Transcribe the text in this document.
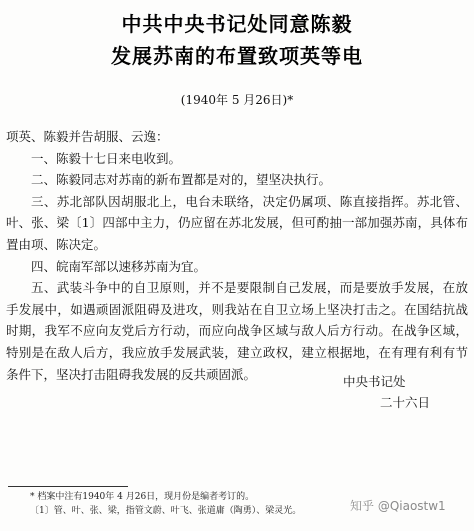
中共中央书记处同意陈毅
发展苏南的布置致项英等电
(1940年 5 月26日)*

项英、陈毅并告胡服、云逸：

一、陈毅十七日来电收到。

二、陈毅同志对苏南的新布置都是对的，望坚决执行。

三、苏北部队因胡服北上，电台未联络，决定仍属项、陈直接指挥。苏北管、叶、张、梁〔1〕四部中主力，仍应留在苏北发展，但可酌抽一部加强苏南，具体布置由项、陈决定。

四、皖南军部以速移苏南为宜。

五、武装斗争中的自卫原则，并不是要限制自己发展，而是要放手发展，在放手发展中，如遇顽固派阻碍及进攻，则我站在自卫立场上坚决打击之。在国结抗战时期，我军不应向友党后方行动，而应向战争区域与敌人后方行动。在战争区域，特别是在敌人后方，我应放手发展武装，建立政权，建立根据地，在有理有利有节条件下，坚决打击阻碍我发展的反共顽固派。	中央书记处
二十六日
* 档案中注有1940年 4 月26日，现月份是编者考订的。
〔1〕管、叶、张、梁，指管文蔚、叶飞、张道庸（陶勇）、梁灵光。	知乎 @Qiaostw1
